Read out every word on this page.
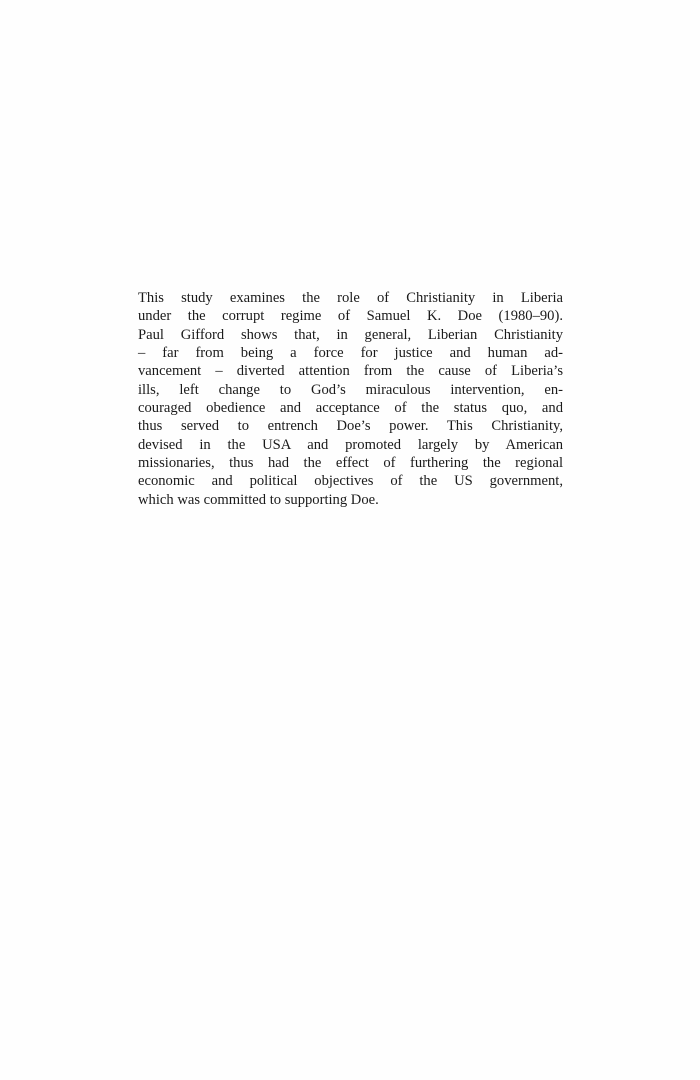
This study examines the role of Christianity in Liberia
under the corrupt regime of Samuel K. Doe (1980–90).
Paul Gifford shows that, in general, Liberian Christianity
– far from being a force for justice and human ad-
vancement – diverted attention from the cause of Liberia’s
ills, left change to God’s miraculous intervention, en-
couraged obedience and acceptance of the status quo, and
thus served to entrench Doe’s power. This Christianity,
devised in the USA and promoted largely by American
missionaries, thus had the effect of furthering the regional
economic and political objectives of the US government,
which was committed to supporting Doe.
